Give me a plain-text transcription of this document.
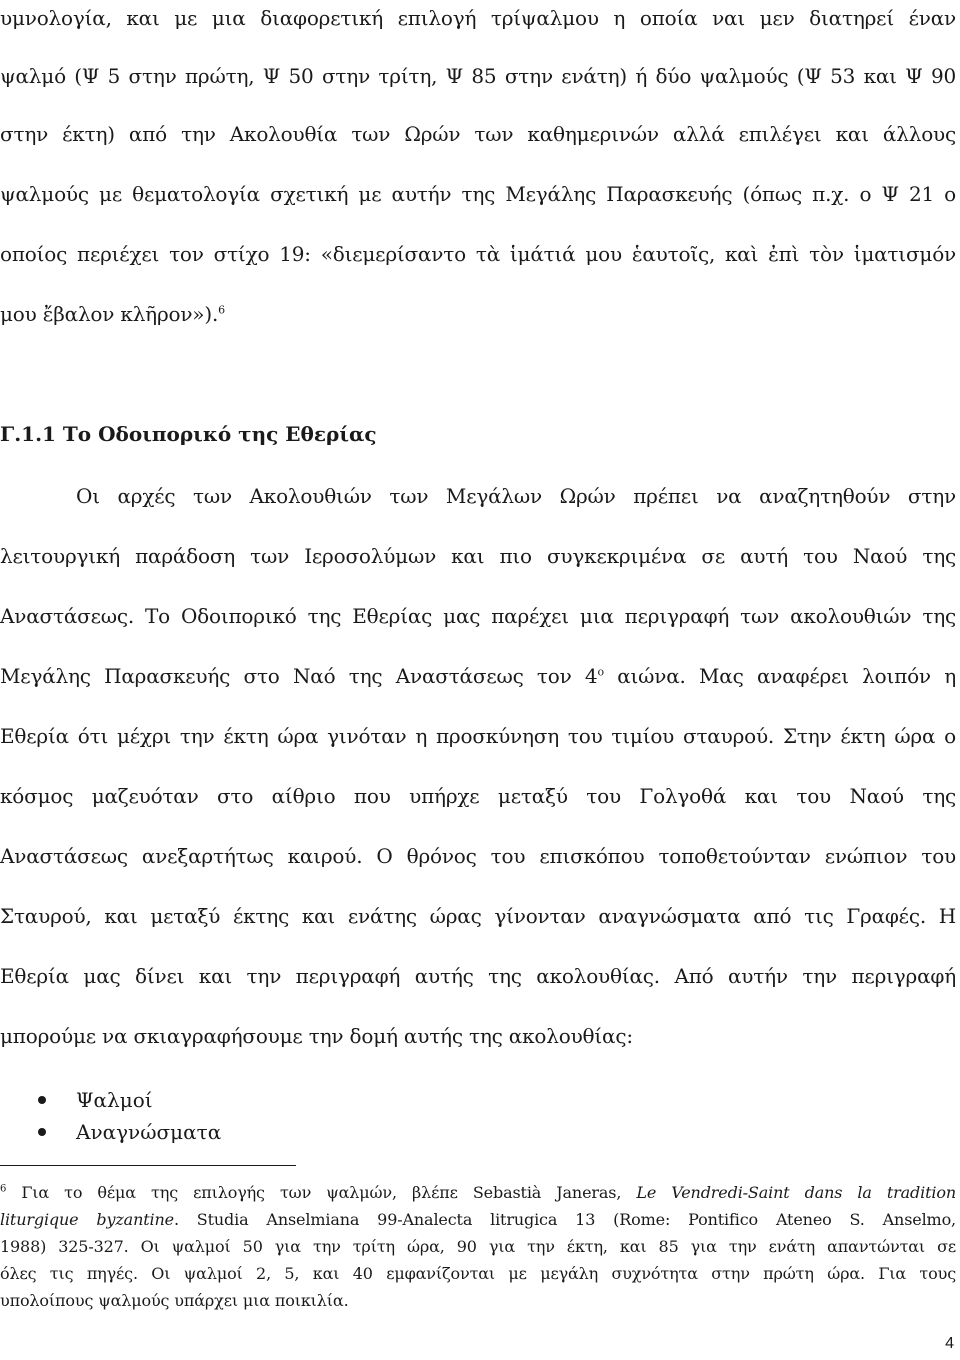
υμνολογία, και με μια διαφορετική επιλογή τρίψαλμου η οποία ναι μεν διατηρεί έναν
ψαλμό (Ψ 5 στην πρώτη, Ψ 50 στην τρίτη, Ψ 85 στην ενάτη) ή δύο ψαλμούς (Ψ 53 και Ψ 90
στην έκτη) από την Ακολουθία των Ωρών των καθημερινών αλλά επιλέγει και άλλους
ψαλμούς με θεματολογία σχετική με αυτήν της Μεγάλης Παρασκευής (όπως π.χ. ο Ψ 21 ο
οποίος περιέχει τον στίχο 19: «διεμερίσαντο τὰ ἱμάτιά μου ἑαυτοῖς, καὶ ἐπὶ τὸν ἱματισμόν
μου ἔβαλον κλῆρον»).$^6$
Γ.1.1 Το Οδοιπορικό της Εθερίας
Οι αρχές των Ακολουθιών των Μεγάλων Ωρών πρέπει να αναζητηθούν στην
λειτουργική παράδοση των Ιεροσολύμων και πιο συγκεκριμένα σε αυτή του Ναού της
Αναστάσεως. Το Οδοιπορικό της Εθερίας μας παρέχει μια περιγραφή των ακολουθιών της
Μεγάλης Παρασκευής στο Ναό της Αναστάσεως τον $4^o$ αιώνα. Μας αναφέρει λοιπόν η
Εθερία ότι μέχρι την έκτη ώρα γινόταν η προσκύνηση του τιμίου σταυρού. Στην έκτη ώρα ο
κόσμος μαζευόταν στο αίθριο που υπήρχε μεταξύ του Γολγοθά και του Ναού της
Αναστάσεως ανεξαρτήτως καιρού. Ο θρόνος του επισκόπου τοποθετούνταν ενώπιον του
Σταυρού, και μεταξύ έκτης και ενάτης ώρας γίνονταν αναγνώσματα από τις Γραφές. Η
Εθερία μας δίνει και την περιγραφή αυτής της ακολουθίας. Από αυτήν την περιγραφή
μπορούμε να σκιαγραφήσουμε την δομή αυτής της ακολουθίας:
Ψαλμοί
Αναγνώσματα
$^6$ Για το θέμα της επιλογής των ψαλμών, βλέπε Sebastià Janeras, Le Vendredi-Saint dans la tradition
liturgique byzantine. Studia Anselmiana 99-Analecta litrugica 13 (Rome: Pontifico Ateneo S. Anselmo,
1988) 325-327. Οι ψαλμοί 50 για την τρίτη ώρα, 90 για την έκτη, και 85 για την ενάτη απαντώνται σε
όλες τις πηγές. Οι ψαλμοί 2, 5, και 40 εμφανίζονται με μεγάλη συχνότητα στην πρώτη ώρα. Για τους
υπολοίπους ψαλμούς υπάρχει μια ποικιλία.
4
